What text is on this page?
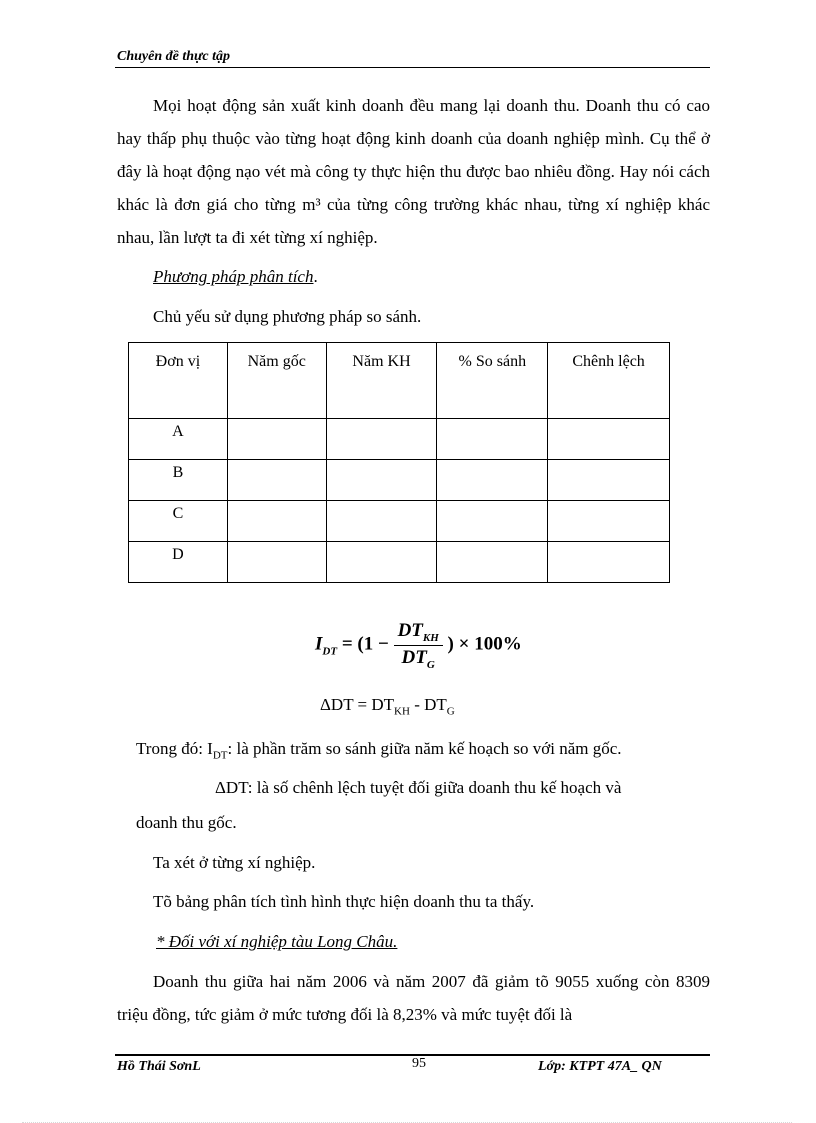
Chuyên đề thực tập
Mọi hoạt động sản xuất kinh doanh đều mang lại doanh thu. Doanh thu có cao hay thấp phụ thuộc vào từng hoạt động kinh doanh của doanh nghiệp mình. Cụ thể ở đây là hoạt động nạo vét mà công ty thực hiện thu được bao nhiêu đồng. Hay nói cách khác là đơn giá cho từng m³ của từng công trường khác nhau, từng xí nghiệp khác nhau, lần lượt ta đi xét từng xí nghiệp.
Phương pháp phân tích.
Chủ yếu sử dụng phương pháp so sánh.
Đơn vị	Năm gốc	Năm KH	% So sánh	Chênh lệch
A				
B				
C				
D				
$I_{DT} = (1 - \frac{DT_{KH}}{DT_G}$ ) × 100%
$\Delta DT = DT_{KH} - DT_G$
Trong đó: $I_{DT}$: là phần trăm so sánh giữa năm kế hoạch so với năm gốc.
ΔDT: là số chênh lệch tuyệt đối giữa doanh thu kế hoạch và
doanh thu gốc.
Ta xét ở từng xí nghiệp.
Tõ bảng phân tích tình hình thực hiện doanh thu ta thấy.
* Đối với xí nghiệp tàu Long Châu.
Doanh thu giữa hai năm 2006 và năm 2007 đã giảm tõ 9055 xuống còn 8309 triệu đồng, tức giảm ở mức tương đối là 8,23% và mức tuyệt đối là
Hồ Thái SơnL	95	Lớp: KTPT 47A_ QN
